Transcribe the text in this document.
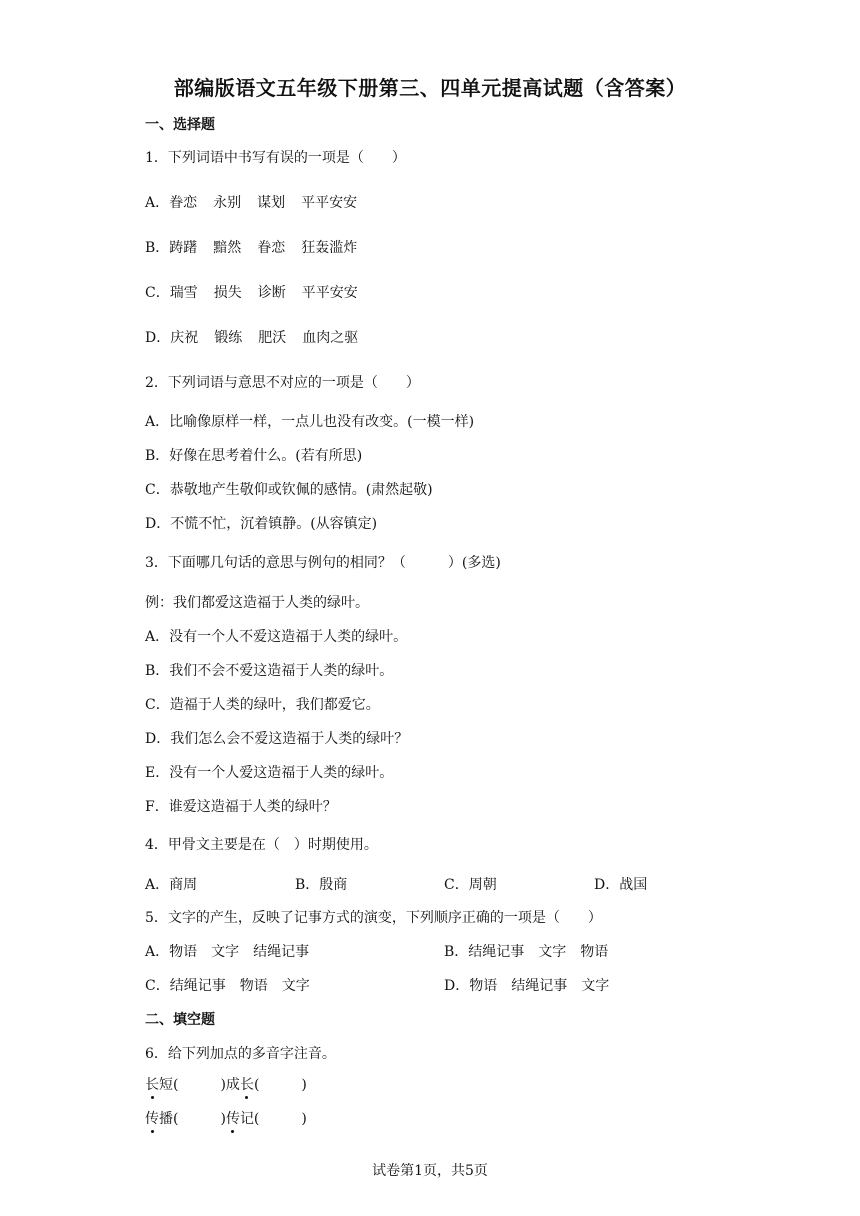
部编版语文五年级下册第三、四单元提高试题（含答案）
一、选择题
1．下列词语中书写有误的一项是（　　）
A．眷恋 永别 谋划 平平安安
B．踌躇 黯然 眷恋 狂轰滥炸
C．瑞雪 损失 诊断 平平安安
D．庆祝 锻练 肥沃 血肉之驱
2．下列词语与意思不对应的一项是（　　）
A．比喻像原样一样，一点儿也没有改变。(一模一样)
B．好像在思考着什么。(若有所思)
C．恭敬地产生敬仰或钦佩的感情。(肃然起敬)
D．不慌不忙，沉着镇静。(从容镇定)
3．下面哪几句话的意思与例句的相同？（　　　）(多选)
例：我们都爱这造福于人类的绿叶。
A．没有一个人不爱这造福于人类的绿叶。
B．我们不会不爱这造福于人类的绿叶。
C．造福于人类的绿叶，我们都爱它。
D．我们怎么会不爱这造福于人类的绿叶？
E．没有一个人爱这造福于人类的绿叶。
F．谁爱这造福于人类的绿叶？
4．甲骨文主要是在（　）时期使用。
A．商周	B．殷商	C．周朝	D．战国
5．文字的产生，反映了记事方式的演变，下列顺序正确的一项是（　　）
A．物语　文字　结绳记事	B．结绳记事　文字　物语
C．结绳记事　物语　文字	D．物语　结绳记事　文字
二、填空题
6．给下列加点的多音字注音。
长短(　　　)成长(　　　)
传播(　　　)传记(　　　)
试卷第1页，共5页
